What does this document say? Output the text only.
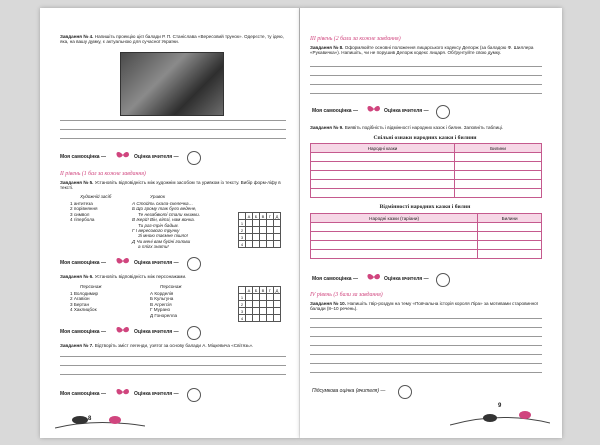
Завдання № 4. Напишіть проекцію цієї балади Р. П. Станіслава «Вересовий трунок». Одерєсте, ту ідею, яка, на вашу думку, є актуальною для сучасної України.
Моя самооцінка —	Оцінка вчителя —
II рівень (1 бал за кожне завдання)
Завдання № 5. Установіть відповідність між художнім засобом та уривком із тексту. Вибір форм-ліфу в тексті.
Художній засіб	Уривок
1 антитеза
2 порівняння
3 символ
4 гіпербола
А Стойть скала-скелечка…
Б Що грому таж було ведене,
Те незабвюті стали книжки.
В Ікерй! Він, вітзі, нам вонка.
Ти раз-трін бадьм.
Г І вересового трунку
Зі мною таємне пішло!
Д Чи менi вам буйні голови
а плігх знати!
	А	Б	В	Г	Д
1					
2					
3					
4					
Моя самооцінка —	Оцінка вчителя —
Завдання № 6. Установіть відповідність між персонажами.
Персонаж	Персонаж
1 Володимир
2 Агавіон
3 Бертан
4 Хаклицбок
А Корделія
Б Кульгуна
В Агрегсія
Г Мурано
Д Гонорелла
	А	Б	В	Г	Д
1					
2					
3					
4					
Моя самооцінка —	Оцінка вчителя —
Завдання № 7. Відтворіть зміст легенди, узятої за основу балади А. Міцкевича «Світязь».
Моя самооцінка —	Оцінка вчителя —
8
III рівень (2 бали за кожне завдання)
Завдання № 8. Оформлюйте основні положення лицарського кодексу Делорж (за баладою Ф. Шиллера «Рукавичка»). Напишіть, чи не порушив Делорж кодекс лицаря. Обґрунтуйте свою думку.
Моя самооцінка —	Оцінка вчителя —
Завдання № 9. Виявіть подібність і відмінності народних казок і билин. Заповніть таблиці.
Спільні ознаки народних казки і билини
Народні казки	Билини

Відмінності народних казки і билин
Народні казки (таріани)	Билини

Моя самооцінка —	Оцінка вчителя —
IV рівень (3 бали за завдання)
Завдання № 10. Напишіть твір-роздум на тему «Повчальна історія короля Ліра» за мотивами старовинної балади (8–10 речень).
Підсумкова оцінка (вчителя) —
9
